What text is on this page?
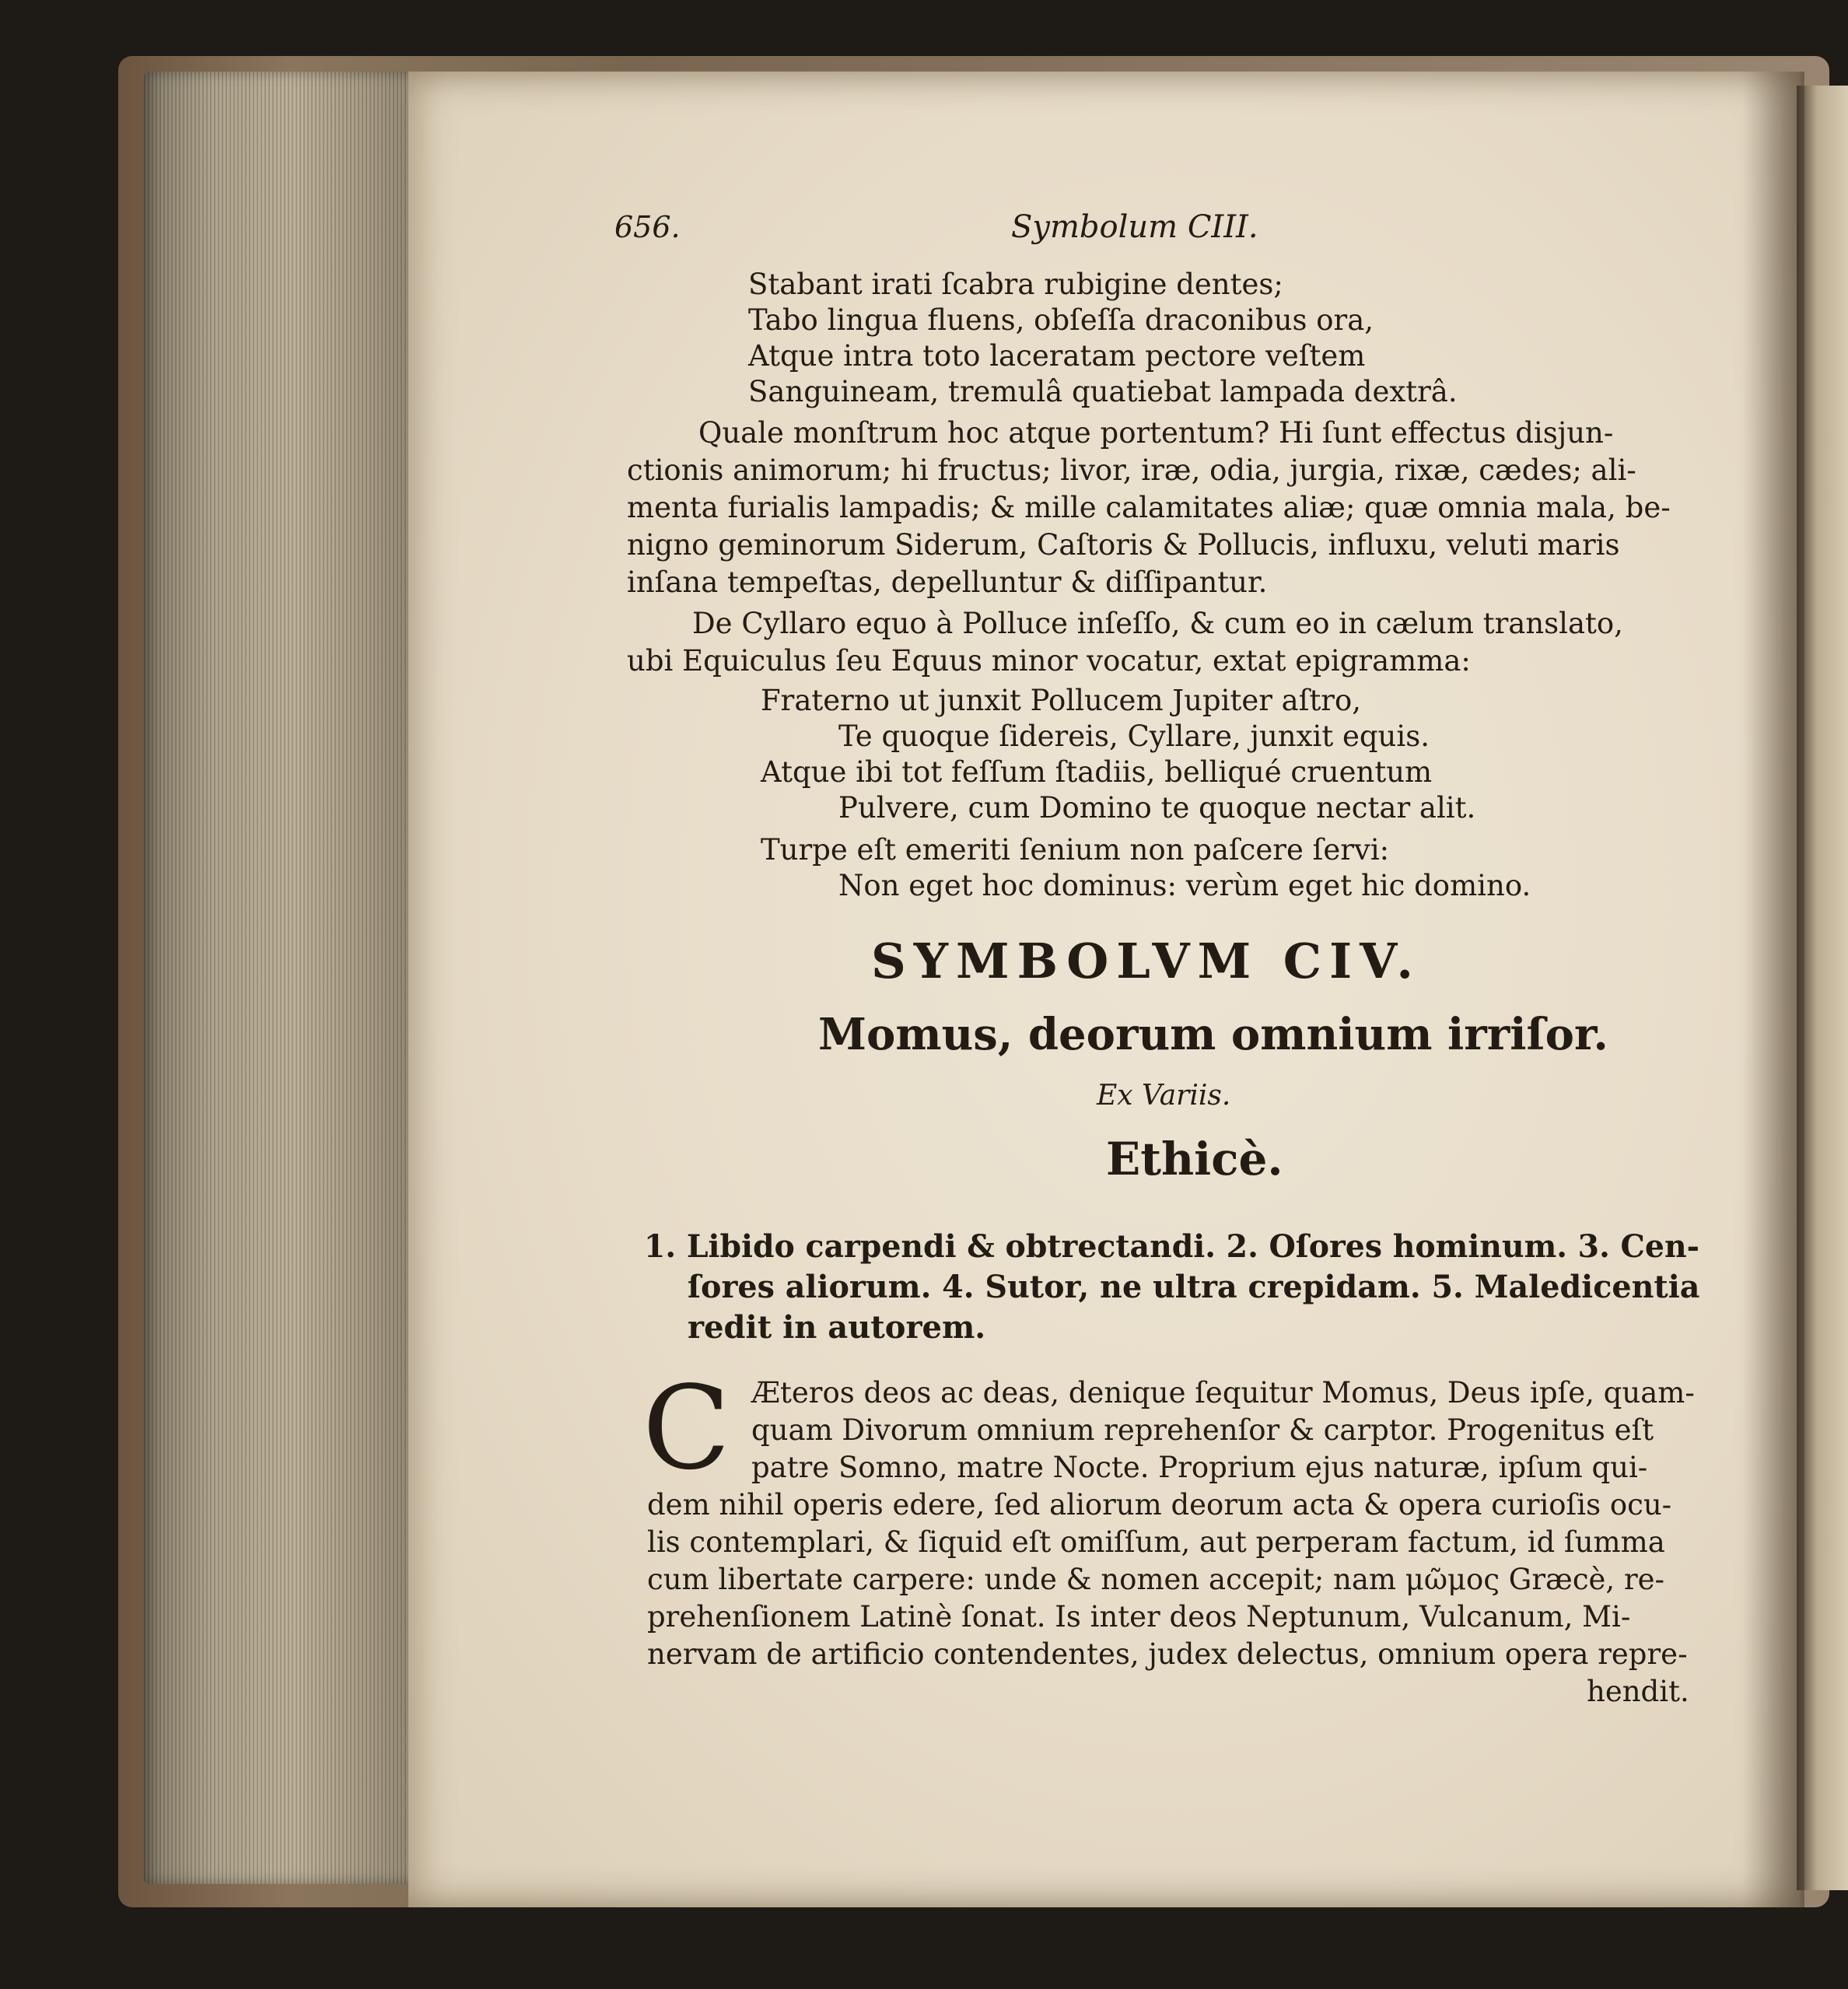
656.	Symbolum CIII.
Stabant irati ſcabra rubigine dentes;
Tabo lingua fluens, obſeſſa draconibus ora,
Atque intra toto laceratam pectore veſtem
Sanguineam, tremulâ quatiebat lampada dextrâ.
Quale monſtrum hoc atque portentum? Hi ſunt effectus disjun-
ctionis animorum; hi fructus; livor, iræ, odia, jurgia, rixæ, cædes; ali-
menta furialis lampadis; & mille calamitates aliæ; quæ omnia mala, be-
nigno geminorum Siderum, Caſtoris & Pollucis, influxu, veluti maris
inſana tempeſtas, depelluntur & diſſipantur.
De Cyllaro equo à Polluce inſeſſo, & cum eo in cælum translato,
ubi Equiculus ſeu Equus minor vocatur, extat epigramma:
Fraterno ut junxit Pollucem Jupiter aſtro,
Te quoque ſidereis, Cyllare, junxit equis.
Atque ibi tot feſſum ſtadiis, belliqué cruentum
Pulvere, cum Domino te quoque nectar alit.
Turpe eſt emeriti ſenium non paſcere ſervi:
Non eget hoc dominus: verùm eget hic domino.
SYMBOLVM CIV.
Momus, deorum omnium irriſor.
Ex Variis.
Ethicè.
1. Libido carpendi & obtrectandi. 2. Oſores hominum. 3. Cen-
ſores aliorum. 4. Sutor, ne ultra crepidam. 5. Maledicentia
redit in autorem.
C Æteros deos ac deas, denique ſequitur Momus, Deus ipſe, quam-
quam Divorum omnium reprehenſor & carptor. Progenitus eſt
patre Somno, matre Nocte. Proprium ejus naturæ, ipſum qui-
dem nihil operis edere, ſed aliorum deorum acta & opera curioſis ocu-
lis contemplari, & ſiquid eſt omiſſum, aut perperam factum, id ſumma
cum libertate carpere: unde & nomen accepit; nam μῶμος Græcè, re-
prehenſionem Latinè ſonat. Is inter deos Neptunum, Vulcanum, Mi-
nervam de artificio contendentes, judex delectus, omnium opera repre-
hendit.
